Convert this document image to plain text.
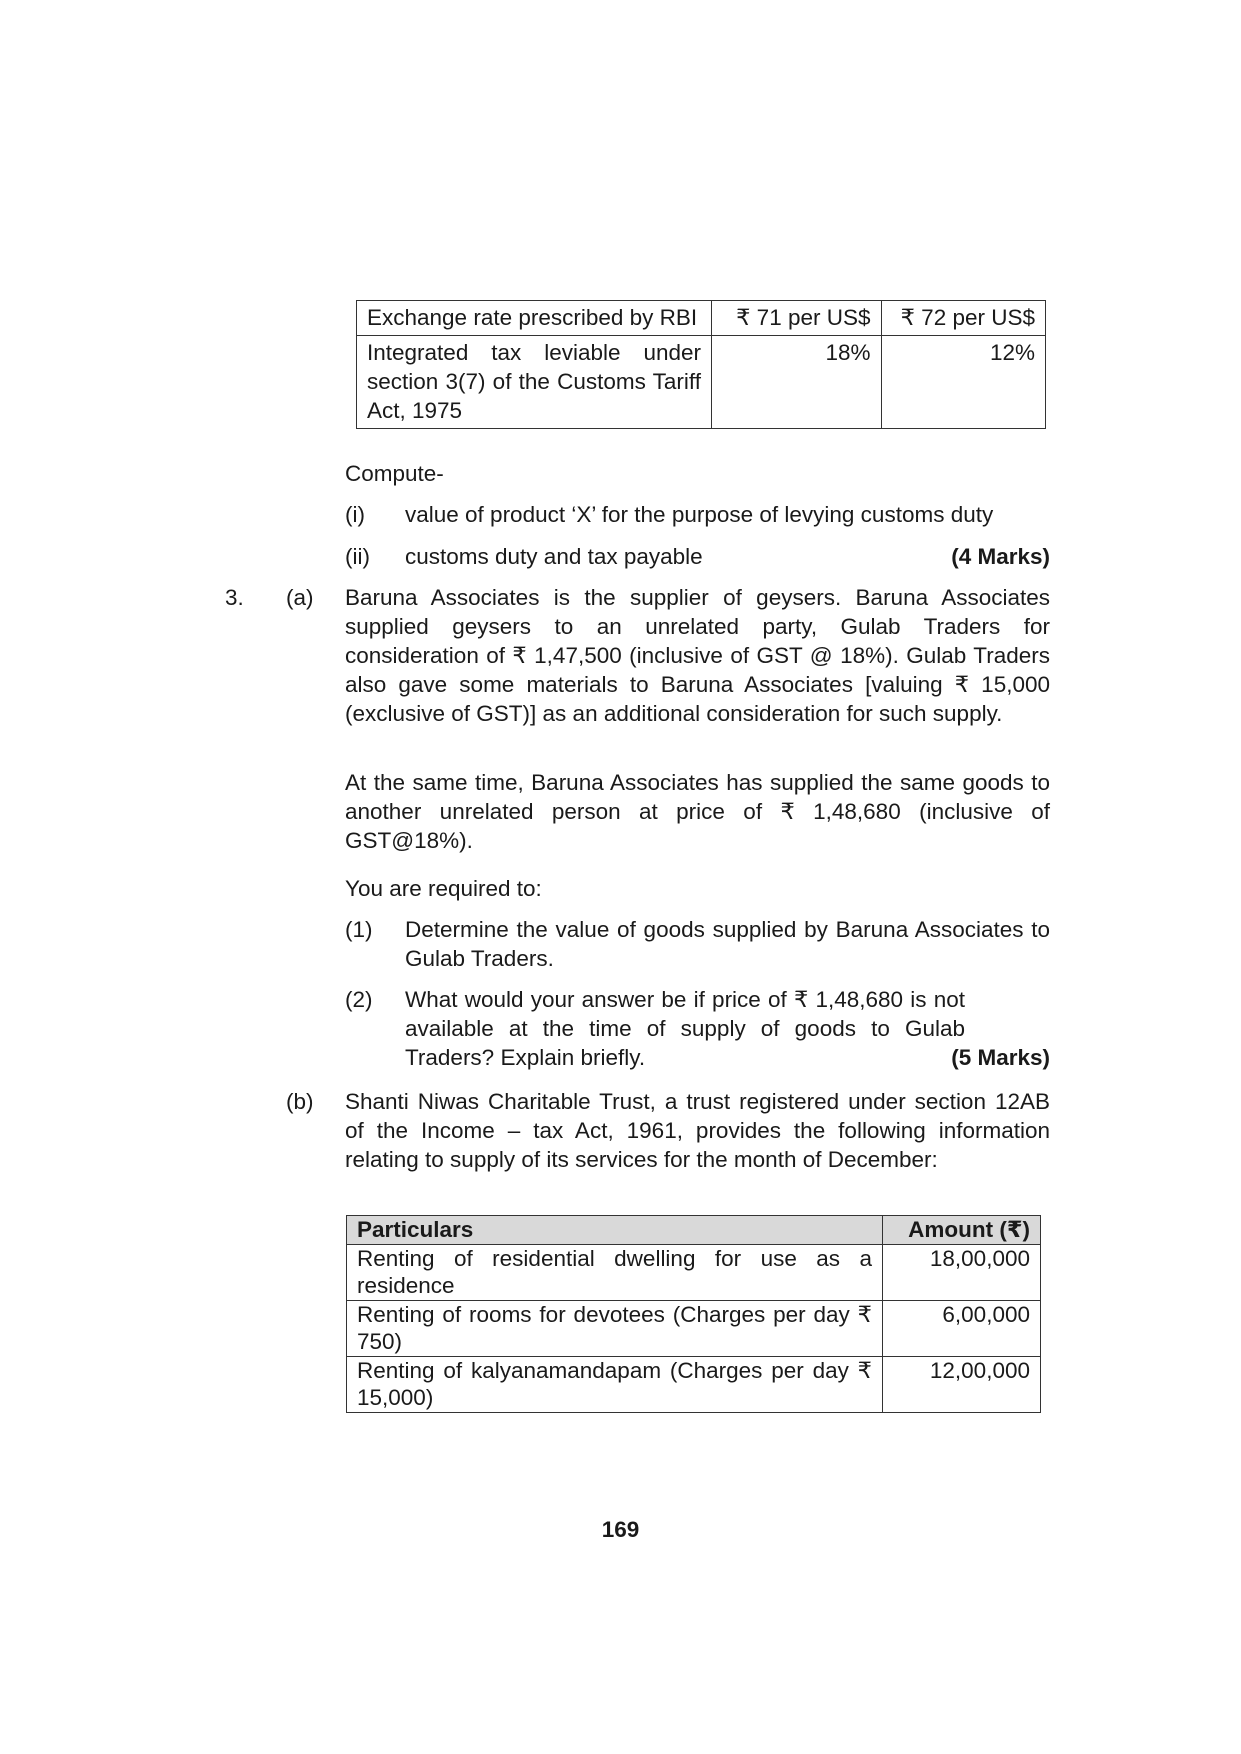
Exchange rate prescribed by RBI	₹ 71 per US$	₹ 72 per US$
Integrated tax leviable under section 3(7) of the Customs Tariff Act, 1975	18%	12%
Compute-
(i) value of product ‘X’ for the purpose of levying customs duty
(ii) customs duty and tax payable	(4 Marks)
3. (a) Baruna Associates is the supplier of geysers. Baruna Associates supplied geysers to an unrelated party, Gulab Traders for consideration of ₹ 1,47,500 (inclusive of GST @ 18%). Gulab Traders also gave some materials to Baruna Associates [valuing ₹ 15,000 (exclusive of GST)] as an additional consideration for such supply.
At the same time, Baruna Associates has supplied the same goods to another unrelated person at price of ₹ 1,48,680 (inclusive of GST@18%).
You are required to:
(1) Determine the value of goods supplied by Baruna Associates to Gulab Traders.
(2) What would your answer be if price of ₹ 1,48,680 is not available at the time of supply of goods to Gulab Traders? Explain briefly.	(5 Marks)
(b) Shanti Niwas Charitable Trust, a trust registered under section 12AB of the Income – tax Act, 1961, provides the following information relating to supply of its services for the month of December:
Particulars	Amount (₹)
Renting of residential dwelling for use as a residence	18,00,000
Renting of rooms for devotees (Charges per day ₹ 750)	6,00,000
Renting of kalyanamandapam (Charges per day ₹ 15,000)	12,00,000
169
